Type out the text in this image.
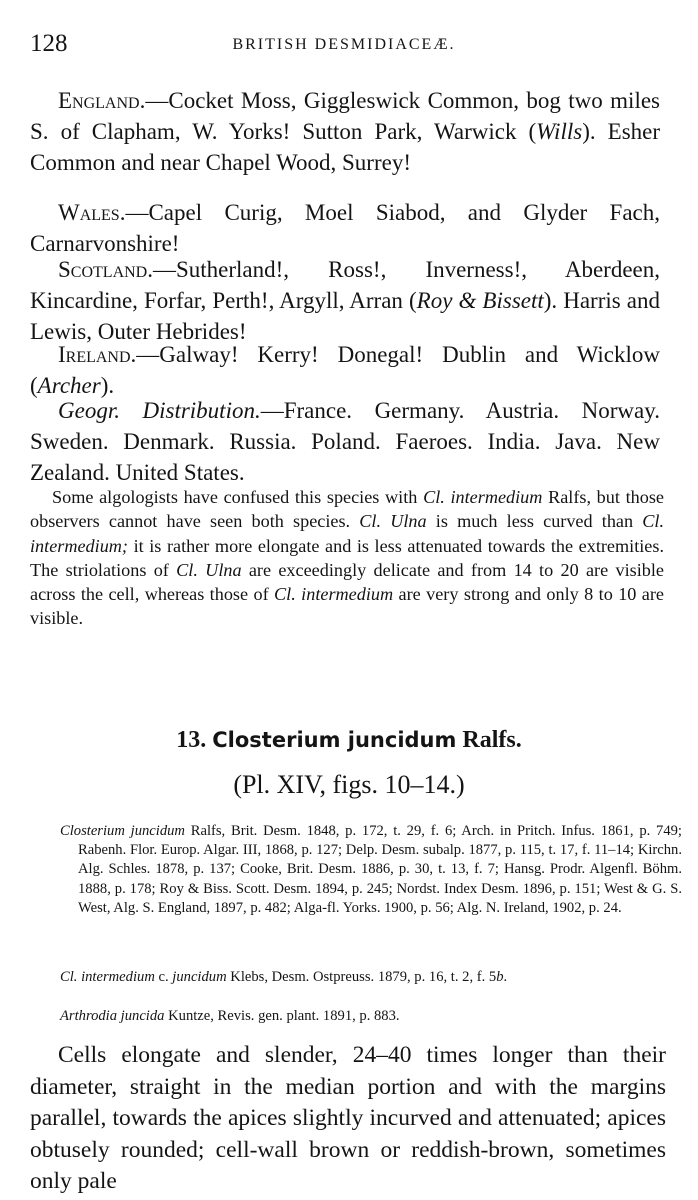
128	BRITISH DESMIDIACEÆ.

England.—Cocket Moss, Giggleswick Common, bog two miles S. of Clapham, W. Yorks! Sutton Park, Warwick (Wills). Esher Common and near Chapel Wood, Surrey!

Wales.—Capel Curig, Moel Siabod, and Glyder Fach, Carnarvonshire!

Scotland.—Sutherland!, Ross!, Inverness!, Aberdeen, Kincardine, Forfar, Perth!, Argyll, Arran (Roy & Bissett). Harris and Lewis, Outer Hebrides!

Ireland.—Galway! Kerry! Donegal! Dublin and Wicklow (Archer).

Geogr. Distribution.—France. Germany. Austria. Norway. Sweden. Denmark. Russia. Poland. Faeroes. India. Java. New Zealand. United States.

Some algologists have confused this species with Cl. intermedium Ralfs, but those observers cannot have seen both species. Cl. Ulna is much less curved than Cl. intermedium; it is rather more elongate and is less attenuated towards the extremities. The striolations of Cl. Ulna are exceedingly delicate and from 14 to 20 are visible across the cell, whereas those of Cl. intermedium are very strong and only 8 to 10 are visible.

13. Closterium juncidum Ralfs.

(Pl. XIV, figs. 10–14.)

Closterium juncidum Ralfs, Brit. Desm. 1848, p. 172, t. 29, f. 6; Arch. in Pritch. Infus. 1861, p. 749; Rabenh. Flor. Europ. Algar. III, 1868, p. 127; Delp. Desm. subalp. 1877, p. 115, t. 17, f. 11–14; Kirchn. Alg. Schles. 1878, p. 137; Cooke, Brit. Desm. 1886, p. 30, t. 13, f. 7; Hansg. Prodr. Algenfl. Böhm. 1888, p. 178; Roy & Biss. Scott. Desm. 1894, p. 245; Nordst. Index Desm. 1896, p. 151; West & G. S. West, Alg. S. England, 1897, p. 482; Alga-fl. Yorks. 1900, p. 56; Alg. N. Ireland, 1902, p. 24.

Cl. intermedium c. juncidum Klebs, Desm. Ostpreuss. 1879, p. 16, t. 2, f. 5b.

Arthrodia juncida Kuntze, Revis. gen. plant. 1891, p. 883.

Cells elongate and slender, 24–40 times longer than their diameter, straight in the median portion and with the margins parallel, towards the apices slightly incurved and attenuated; apices obtusely rounded; cell-wall brown or reddish-brown, sometimes only pale
